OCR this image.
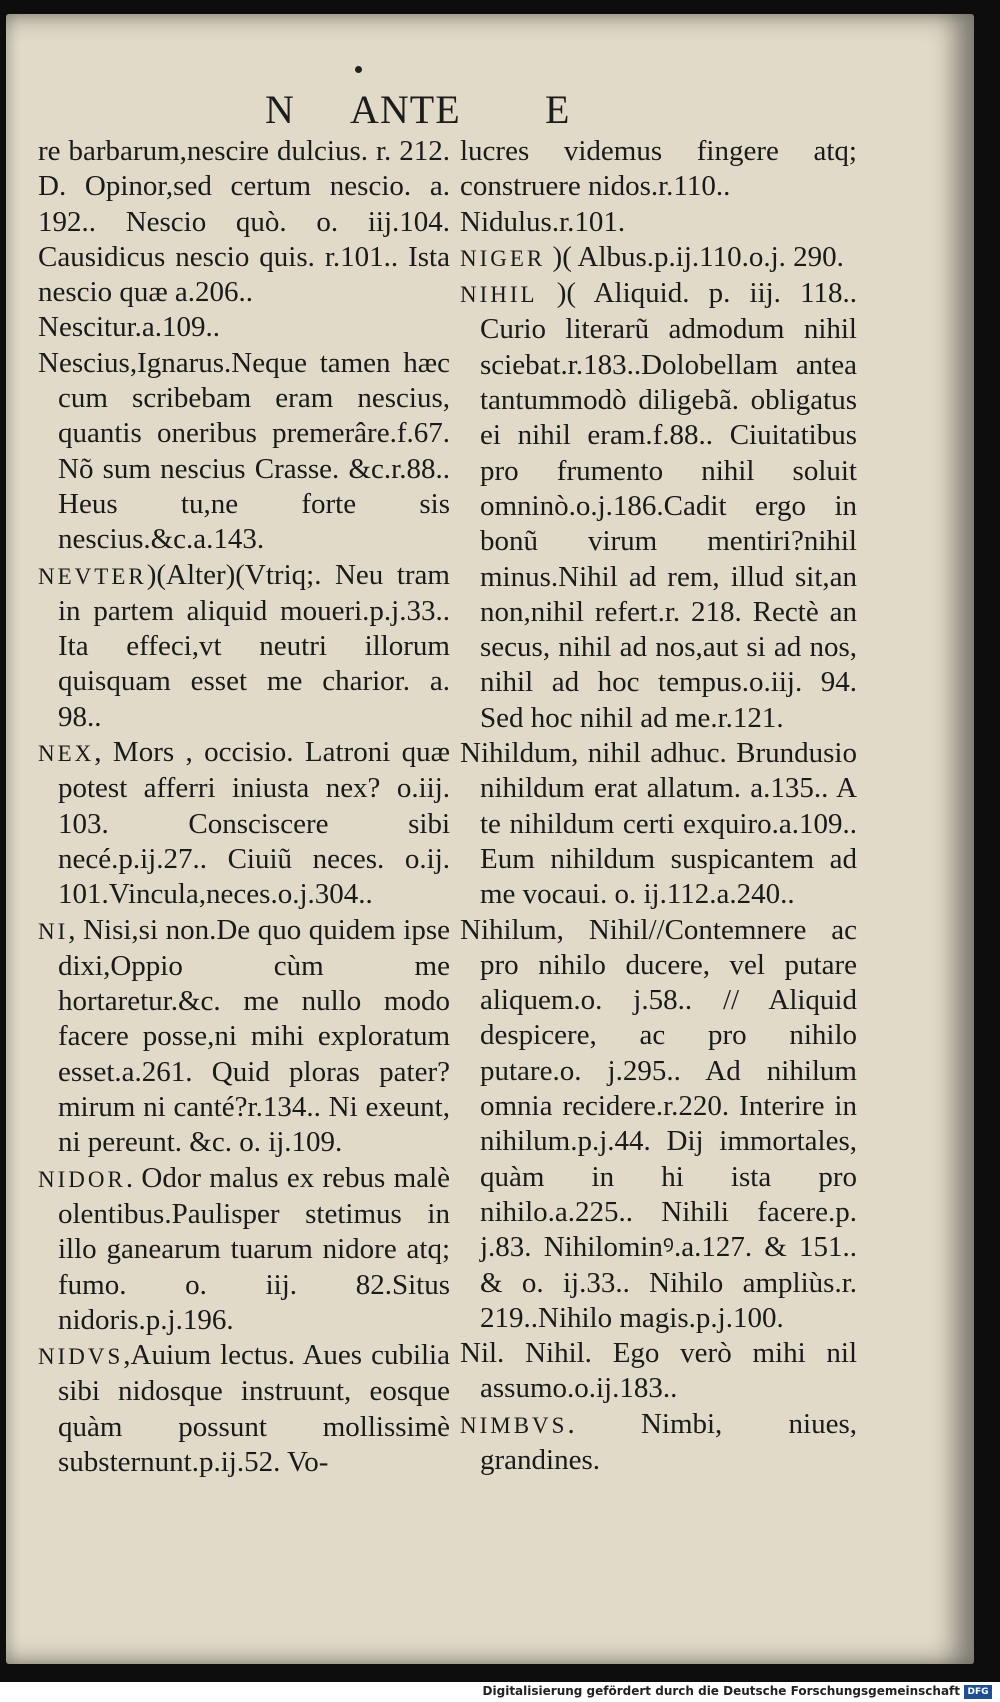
N ANTE E
re barbarum,nescire dulcius. r. 212. D. Opinor,sed certum nescio. a. 192.. Nescio quò. o. iij.104. Causidicus nescio quis. r.101.. Ista nescio quæ a.206..
Nescitur.a.109..
Nescius,Ignarus.Neque tamen hæc cum scribebam eram nescius, quantis oneribus premerâre.f.67. Nõ sum nescius Crasse. &c.r.88.. Heus tu,ne forte sis nescius.&c.a.143.
NEVTER)(Alter)(Vtriq;. Neu tram in partem aliquid moueri.p.j.33.. Ita effeci,vt neutri illorum quisquam esset me charior. a. 98..
NEX, Mors , occisio. Latroni quæ potest afferri iniusta nex? o.iij. 103. Consciscere sibi necé.p.ij.27.. Ciuiũ neces. o.ij. 101.Vincula,neces.o.j.304..
NI, Nisi,si non.De quo quidem ipse dixi,Oppio cùm me hortaretur.&c. me nullo modo facere posse,ni mihi exploratum esset.a.261. Quid ploras pater? mirum ni canté?r.134.. Ni exeunt, ni pereunt. &c. o. ij.109.
NIDOR. Odor malus ex rebus malè olentibus.Paulisper stetimus in illo ganearum tuarum nidore atq; fumo. o. iij. 82.Situs nidoris.p.j.196.
NIDVS,Auium lectus. Aues cubilia sibi nidosque instruunt, eosque quàm possunt mollissimè substernunt.p.ij.52. Vo-
lucres videmus fingere atq; construere nidos.r.110..
Nidulus.r.101.
NIGER )( Albus.p.ij.110.o.j. 290.
NIHIL )( Aliquid. p. iij. 118.. Curio literarũ admodum nihil sciebat.r.183..Dolobellam antea tantummodò diligebã. obligatus ei nihil eram.f.88.. Ciuitatibus pro frumento nihil soluit omninò.o.j.186.Cadit ergo in bonũ virum mentiri?nihil minus.Nihil ad rem, illud sit,an non,nihil refert.r. 218. Rectè an secus, nihil ad nos,aut si ad nos, nihil ad hoc tempus.o.iij. 94. Sed hoc nihil ad me.r.121.
Nihildum, nihil adhuc. Brundusio nihildum erat allatum. a.135.. A te nihildum certi exquiro.a.109.. Eum nihildum suspicantem ad me vocaui. o. ij.112.a.240..
Nihilum, Nihil//Contemnere ac pro nihilo ducere, vel putare aliquem.o. j.58.. // Aliquid despicere, ac pro nihilo putare.o. j.295.. Ad nihilum omnia recidere.r.220. Interire in nihilum.p.j.44. Dij immortales, quàm in hi ista pro nihilo.a.225.. Nihili facere.p. j.83. Nihilominꝰ.a.127. & 151.. & o. ij.33.. Nihilo ampliùs.r. 219..Nihilo magis.p.j.100.
Nil. Nihil. Ego verò mihi nil assumo.o.ij.183..
NIMBVS. Nimbi, niues, grandines.
Digitalisierung gefördert durch die Deutsche Forschungsgemeinschaft DFG
